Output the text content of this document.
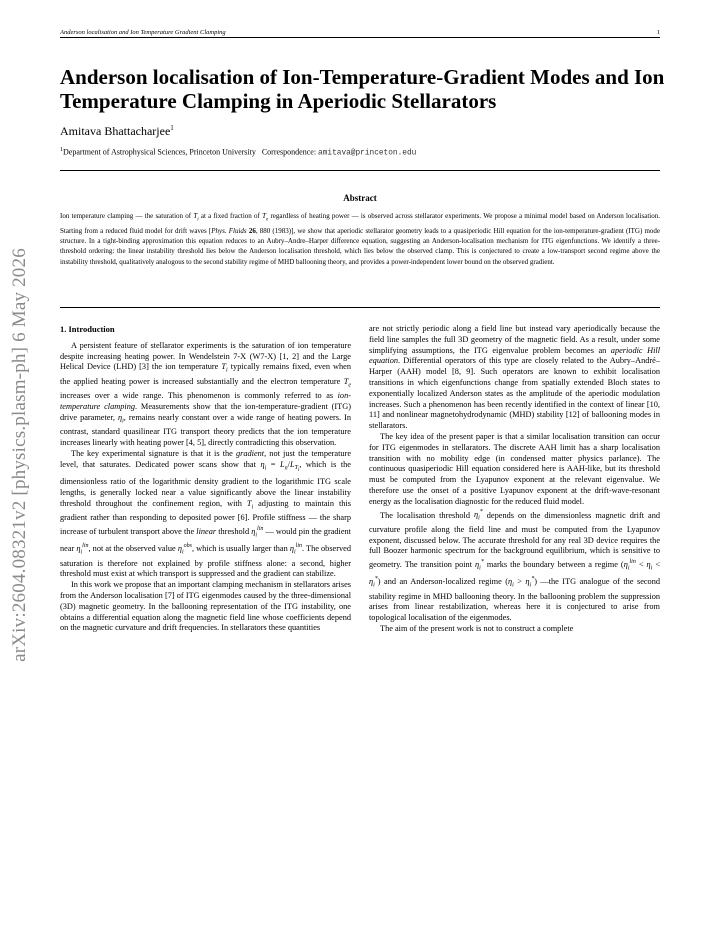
Anderson localisation and Ion Temperature Gradient Clamping	1
arXiv:2604.08321v2 [physics.plasm-ph] 6 May 2026
Anderson localisation of Ion-Temperature-Gradient Modes and Ion Temperature Clamping in Aperiodic Stellarators
Amitava Bhattacharjee$^1$
$^1$Department of Astrophysical Sciences, Princeton University Correspondence: amitava@princeton.edu
Abstract
Ion temperature clamping — the saturation of $T_i$ at a fixed fraction of $T_e$ regardless of heating power — is observed across stellarator experiments. We propose a minimal model based on Anderson localisation. Starting from a reduced fluid model for drift waves [Phys. Fluids 26, 880 (1983)], we show that aperiodic stellarator geometry leads to a quasiperiodic Hill equation for the ion-temperature-gradient (ITG) mode structure. In a tight-binding approximation this equation reduces to an Aubry–Andre–Harper difference equation, suggesting an Anderson-localisation mechanism for ITG eigenfunctions. We identify a three-threshold ordering: the linear instability threshold lies below the Anderson localisation threshold, which lies below the observed clamp. This is conjectured to create a low-transport second regime above the instability threshold, qualitatively analogous to the second stability regime of MHD ballooning theory, and provides a power-independent lower bound on the observed gradient.
1. Introduction

A persistent feature of stellarator experiments is the saturation of ion temperature despite increasing heating power. In Wendelstein 7-X (W7-X) [1, 2] and the Large Helical Device (LHD) [3] the ion temperature $T_i$ typically remains fixed, even when the applied heating power is increased substantially and the electron temperature $T_e$ increases over a wide range. This phenomenon is commonly referred to as ion-temperature clamping. Measurements show that the ion-temperature-gradient (ITG) drive parameter, $\eta_i$, remains nearly constant over a wide range of heating powers. In contrast, standard quasilinear ITG transport theory predicts that the ion temperature increases linearly with heating power [4, 5], directly contradicting this observation.

The key experimental signature is that it is the gradient, not just the temperature level, that saturates. Dedicated power scans show that $\eta_i = L_n/L_{T_i}$, which is the dimensionless ratio of the logarithmic density gradient to the logarithmic ITG scale lengths, is generally locked near a value significantly above the linear instability threshold throughout the confinement region, with $T_i$ adjusting to maintain this gradient rather than responding to deposited power [6]. Profile stiffness — the sharp increase of turbulent transport above the linear threshold $\eta_i^{lin}$ — would pin the gradient near $\eta_i^{lin}$, not at the observed value $\eta_i^{obs}$, which is usually larger than $\eta_i^{lin}$. The observed saturation is therefore not explained by profile stiffness alone: a second, higher threshold must exist at which transport is suppressed and the gradient can stabilize.

In this work we propose that an important clamping mechanism in stellarators arises from the Anderson localisation [7] of ITG eigenmodes caused by the three-dimensional (3D) magnetic geometry. In the ballooning representation of the ITG instability, one obtains a differential equation along the magnetic field line whose coefficients depend on the magnetic curvature and drift frequencies. In stellarators these quantities

are not strictly periodic along a field line but instead vary aperiodically because the field line samples the full 3D geometry of the magnetic field. As a result, under some simplifying assumptions, the ITG eigenvalue problem becomes an aperiodic Hill equation. Differential operators of this type are closely related to the Aubry–André–Harper (AAH) model [8, 9]. Such operators are known to exhibit localisation transitions in which eigenfunctions change from spatially extended Bloch states to exponentially localized Anderson states as the amplitude of the aperiodic modulation increases. Such a phenomenon has been recently identified in the context of linear [10, 11] and nonlinear magnetohydrodynamic (MHD) stability [12] of ballooning modes in stellarators.

The key idea of the present paper is that a similar localisation transition can occur for ITG eigenmodes in stellarators. The discrete AAH limit has a sharp localisation transition with no mobility edge (in condensed matter physics parlance). The continuous quasiperiodic Hill equation considered here is AAH-like, but its threshold must be computed from the Lyapunov exponent at the relevant eigenvalue. We therefore use the onset of a positive Lyapunov exponent at the drift-wave-resonant energy as the localisation diagnostic for the reduced fluid model.

The localisation threshold $\eta_i^*$ depends on the dimensionless magnetic drift and curvature profile along the field line and must be computed from the Lyapunov exponent, discussed below. The accurate threshold for any real 3D device requires the full Boozer harmonic spectrum for the background equilibrium, which is sensitive to geometry. The transition point $\eta_i^*$ marks the boundary between a regime $(\eta_i^{lin} < \eta_i < \eta_i^*)$ and an Anderson-localized regime $(\eta_i > \eta_i^*)$ —the ITG analogue of the second stability regime in MHD ballooning theory. In the ballooning problem the suppression arises from linear restabilization, whereas here it is conjectured to arise from topological localisation of the eigenmodes.

The aim of the present work is not to construct a complete
